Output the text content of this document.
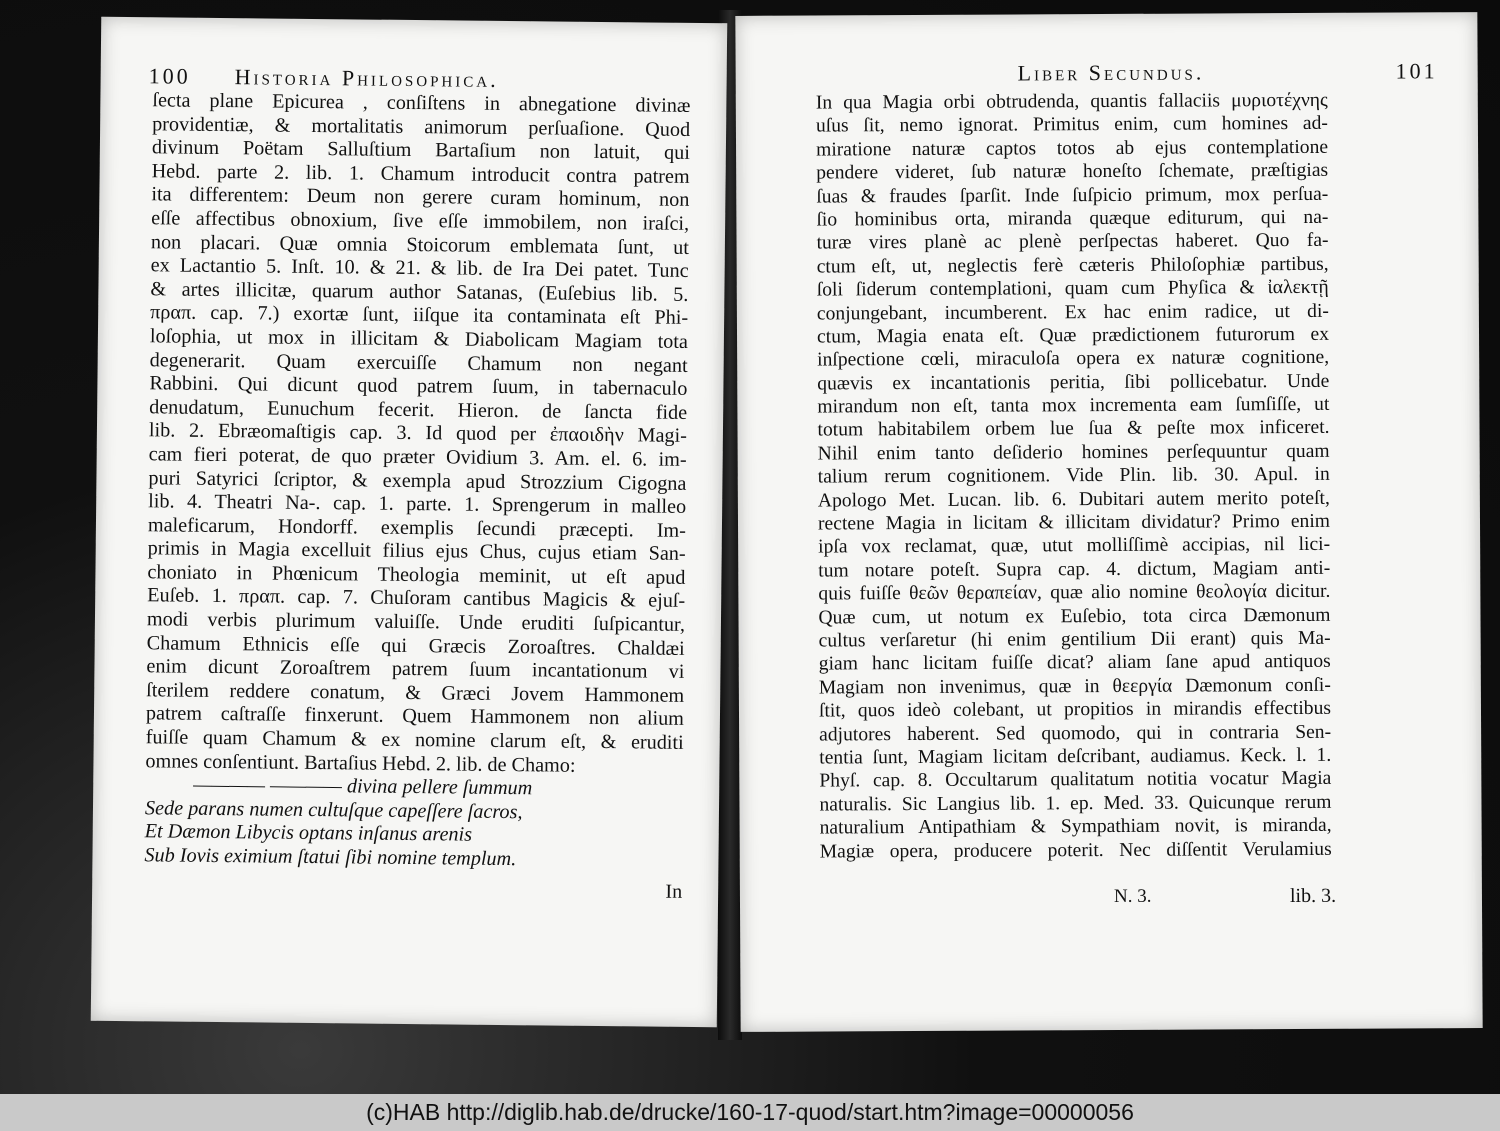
100 Historia Philosophica.
ſecta plane Epicurea , conſiſtens in abnegatione divinæ
providentiæ, & mortalitatis animorum perſuaſione. Quod
divinum Poëtam Salluſtium Bartaſium non latuit, qui
Hebd. parte 2. lib. 1. Chamum introducit contra patrem
ita differentem: Deum non gerere curam hominum, non
eſſe affectibus obnoxium, ſive eſſe immobilem, non iraſci,
non placari. Quæ omnia Stoicorum emblemata ſunt, ut
ex Lactantio 5. Inſt. 10. & 21. & lib. de Ira Dei patet. Tunc
& artes illicitæ, quarum author Satanas, (Euſebius lib. 5.
πραπ. cap. 7.) exortæ ſunt, iiſque ita contaminata eſt Phi-
loſophia, ut mox in illicitam & Diabolicam Magiam tota
degenerarit. Quam exercuiſſe Chamum non negant
Rabbini. Qui dicunt quod patrem ſuum, in tabernaculo
denudatum, Eunuchum fecerit. Hieron. de ſancta fide
lib. 2. Ebræomaſtigis cap. 3. Id quod per ἐπαοιδὴν Magi-
cam fieri poterat, de quo præter Ovidium 3. Am. el. 6. im-
puri Satyrici ſcriptor, & exempla apud Strozzium Cigogna
lib. 4. Theatri Na-. cap. 1. parte. 1. Sprengerum in malleo
maleficarum, Hondorff. exemplis ſecundi præcepti. Im-
primis in Magia excelluit filius ejus Chus, cujus etiam San-
choniato in Phœnicum Theologia meminit, ut eſt apud
Euſeb. 1. πραπ. cap. 7. Chuſoram cantibus Magicis & ejuſ-
modi verbis plurimum valuiſſe. Unde eruditi ſuſpicantur,
Chamum Ethnicis eſſe qui Græcis Zoroaſtres. Chaldæi
enim dicunt Zoroaſtrem patrem ſuum incantationum vi
ſterilem reddere conatum, & Græci Jovem Hammonem
patrem caſtraſſe finxerunt. Quem Hammonem non alium
fuiſſe quam Chamum & ex nomine clarum eſt, & eruditi
omnes conſentiunt. Bartaſius Hebd. 2. lib. de Chamo:
———— ———— divina pellere ſummum
Sede parans numen cultuſque capeſſere ſacros,
Et Dæmon Libycis optans inſanus arenis
Sub Iovis eximium ſtatui ſibi nomine templum.
In
Liber Secundus.	101
In qua Magia orbi obtrudenda, quantis fallaciis μυριοτέχνης
uſus ſit, nemo ignorat. Primitus enim, cum homines ad-
miratione naturæ captos totos ab ejus contemplatione
pendere videret, ſub naturæ honeſto ſchemate, præſtigias
ſuas & fraudes ſparſit. Inde ſuſpicio primum, mox perſua-
ſio hominibus orta, miranda quæque editurum, qui na-
turæ vires planè ac plenè perſpectas haberet. Quo fa-
ctum eſt, ut, neglectis ferè cæteris Philoſophiæ partibus,
ſoli ſiderum contemplationi, quam cum Phyſica & ἰαλεκτῇ
conjungebant, incumberent. Ex hac enim radice, ut di-
ctum, Magia enata eſt. Quæ prædictionem futurorum ex
inſpectione cœli, miraculoſa opera ex naturæ cognitione,
quævis ex incantationis peritia, ſibi pollicebatur. Unde
mirandum non eſt, tanta mox incrementa eam ſumſiſſe, ut
totum habitabilem orbem lue ſua & peſte mox inficeret.
Nihil enim tanto deſiderio homines perſequuntur quam
talium rerum cognitionem. Vide Plin. lib. 30. Apul. in
Apologo Met. Lucan. lib. 6. Dubitari autem merito poteſt,
rectene Magia in licitam & illicitam dividatur? Primo enim
ipſa vox reclamat, quæ, utut molliſſimè accipias, nil lici-
tum notare poteſt. Supra cap. 4. dictum, Magiam anti-
quis fuiſſe θεῶν θεραπείαν, quæ alio nomine θεολογία dicitur.
Quæ cum, ut notum ex Euſebio, tota circa Dæmonum
cultus verſaretur (hi enim gentilium Dii erant) quis Ma-
giam hanc licitam fuiſſe dicat? aliam ſane apud antiquos
Magiam non invenimus, quæ in θεεργία Dæmonum conſi-
ſtit, quos ideò colebant, ut propitios in mirandis effectibus
adjutores haberent. Sed quomodo, qui in contraria Sen-
tentia ſunt, Magiam licitam deſcribant, audiamus. Keck. l. 1.
Phyſ. cap. 8. Occultarum qualitatum notitia vocatur Magia
naturalis. Sic Langius lib. 1. ep. Med. 33. Quicunque rerum
naturalium Antipathiam & Sympathiam novit, is miranda,
Magiæ opera, producere poterit. Nec diſſentit Verulamius
N. 3.	lib. 3.
(c)HAB http://diglib.hab.de/drucke/160-17-quod/start.htm?image=00000056
